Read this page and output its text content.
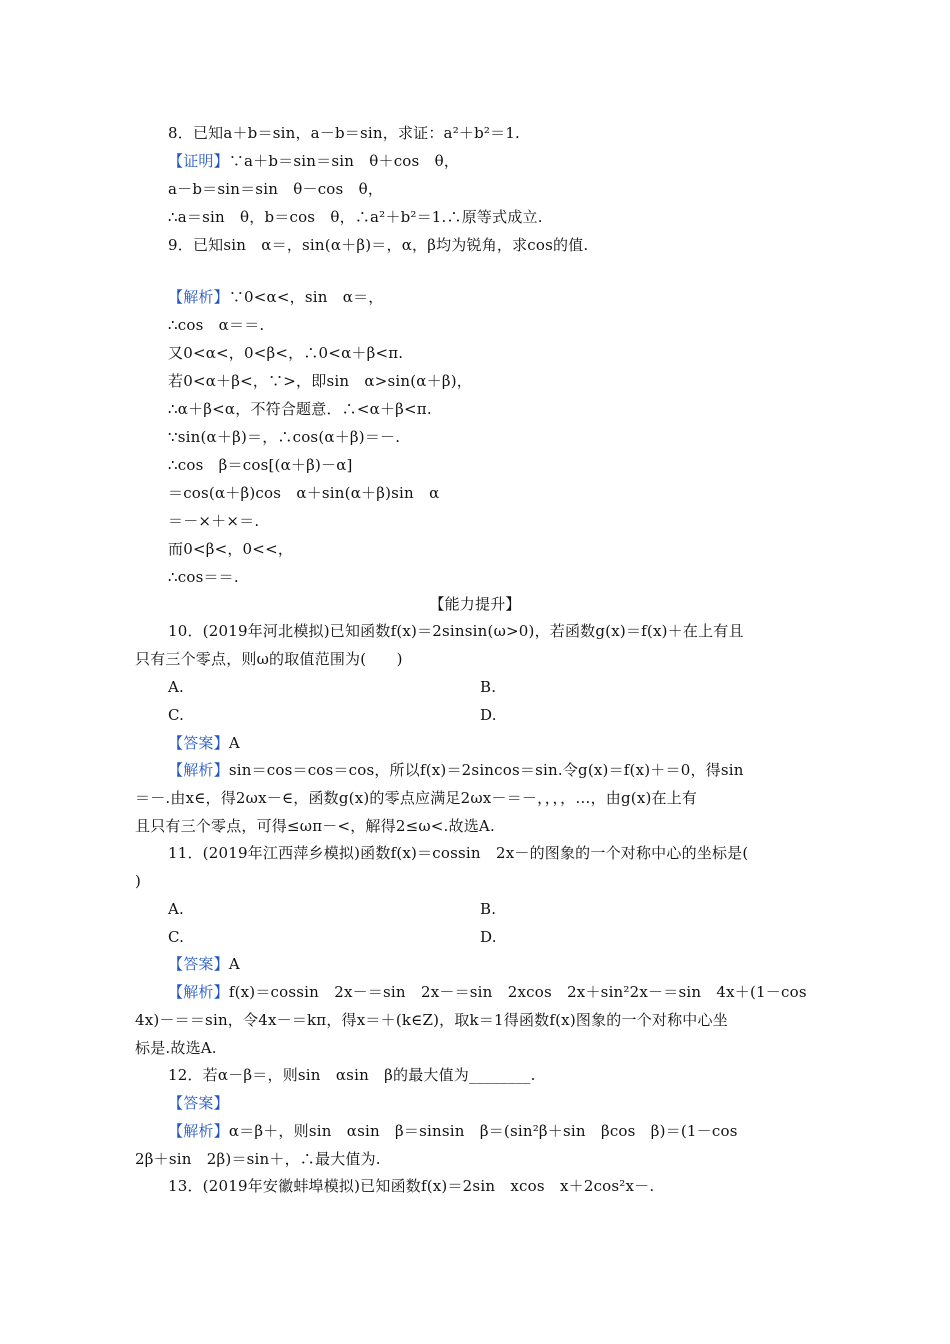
8．已知a＋b＝sin，a－b＝sin，求证：a²＋b²＝1.
【证明】∵a＋b＝sin＝sin　θ＋cos　θ，
a－b＝sin＝sin　θ－cos　θ，
∴a＝sin　θ，b＝cos　θ，∴a²＋b²＝1.∴原等式成立.
9．已知sin　α＝，sin(α＋β)＝，α，β均为锐角，求cos的值.
【解析】∵0<α<，sin　α＝，
∴cos　α＝＝.
又0<α<，0<β<，∴0<α＋β<π.
若0<α＋β<，∵>，即sin　α>sin(α＋β)，
∴α＋β<α，不符合题意．∴<α＋β<π.
∵sin(α＋β)＝，∴cos(α＋β)＝－.
∴cos　β＝cos[(α＋β)－α]
＝cos(α＋β)cos　α＋sin(α＋β)sin　α
＝－×＋×＝.
而0<β<，0<<，
∴cos＝＝.
【能力提升】
10．(2019年河北模拟)已知函数f(x)＝2sinsin(ω>0)，若函数g(x)＝f(x)＋在上有且
只有三个零点，则ω的取值范围为(　　)
A.	B.
C.	D.
【答案】A
【解析】sin＝cos＝cos＝cos，所以f(x)＝2sincos＝sin.令g(x)＝f(x)＋＝0，得sin
＝－.由x∈，得2ωx－∈，函数g(x)的零点应满足2ωx－＝－，，，，…，由g(x)在上有
且只有三个零点，可得≤ωπ－<，解得2≤ω<.故选A.
11．(2019年江西萍乡模拟)函数f(x)＝cossin　2x－的图象的一个对称中心的坐标是(
)
A.	B.
C.	D.
【答案】A
【解析】f(x)＝cossin　2x－＝sin　2x－＝sin　2xcos　2x＋sin²2x－＝sin　4x＋(1－cos
4x)－＝＝sin，令4x－＝kπ，得x＝＋(k∈Z)，取k＝1得函数f(x)图象的一个对称中心坐
标是.故选A.
12．若α－β＝，则sin　αsin　β的最大值为________.
【答案】
【解析】α＝β＋，则sin　αsin　β＝sinsin　β＝(sin²β＋sin　βcos　β)＝(1－cos
2β＋sin　2β)＝sin＋，∴最大值为.
13．(2019年安徽蚌埠模拟)已知函数f(x)＝2sin　xcos　x＋2cos²x－.
